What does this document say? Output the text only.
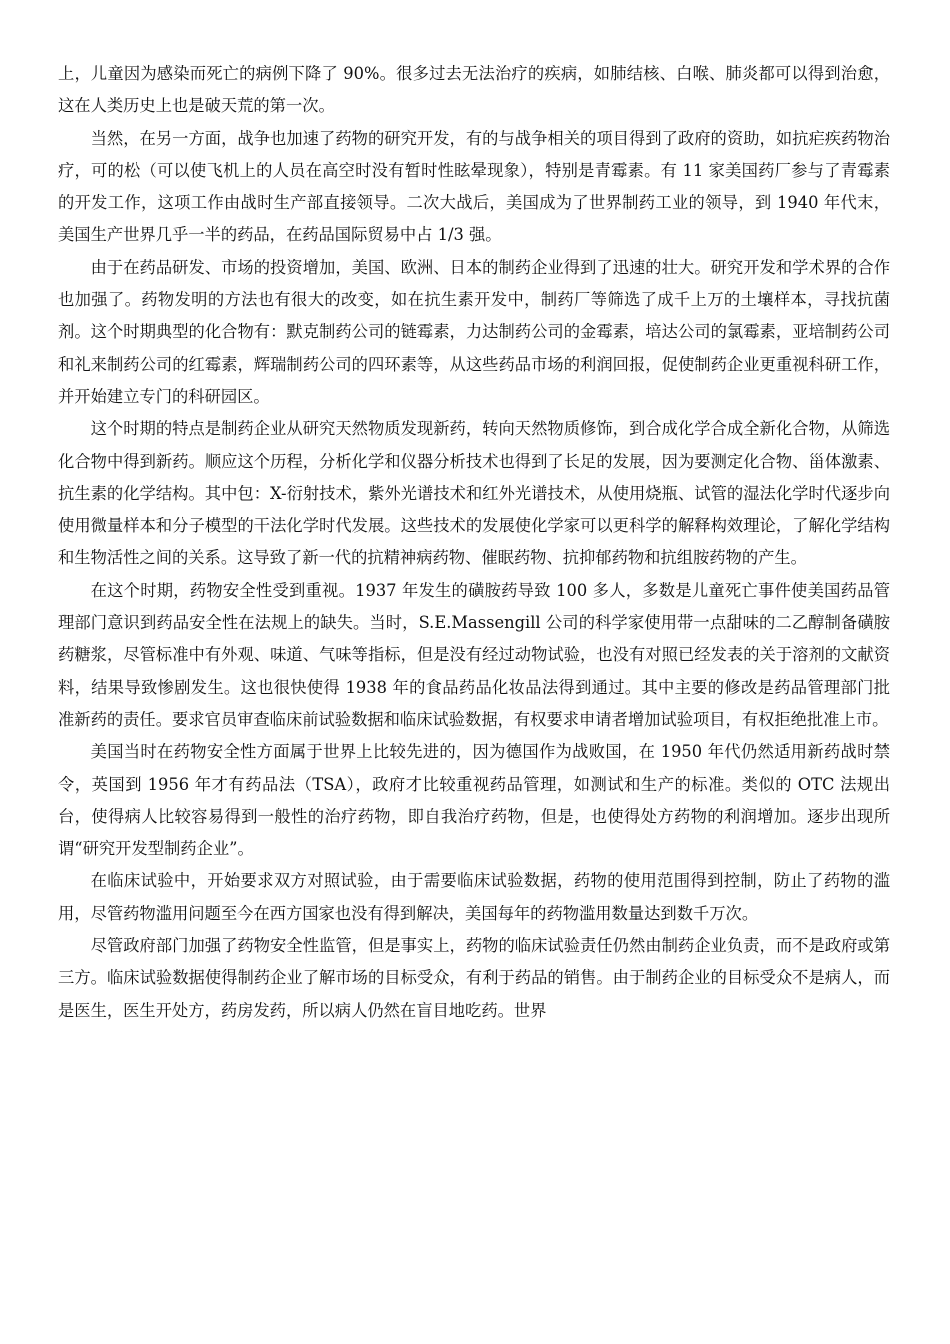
上，儿童因为感染而死亡的病例下降了 90%。很多过去无法治疗的疾病，如肺结核、白喉、肺炎都可以得到治愈，这在人类历史上也是破天荒的第一次。

当然，在另一方面，战争也加速了药物的研究开发，有的与战争相关的项目得到了政府的资助，如抗疟疾药物治疗，可的松（可以使飞机上的人员在高空时没有暂时性眩晕现象），特别是青霉素。有 11 家美国药厂参与了青霉素的开发工作，这项工作由战时生产部直接领导。二次大战后，美国成为了世界制药工业的领导，到 1940 年代末，美国生产世界几乎一半的药品，在药品国际贸易中占 1/3 强。

由于在药品研发、市场的投资增加，美国、欧洲、日本的制药企业得到了迅速的壮大。研究开发和学术界的合作也加强了。药物发明的方法也有很大的改变，如在抗生素开发中，制药厂等筛选了成千上万的土壤样本，寻找抗菌剂。这个时期典型的化合物有：默克制药公司的链霉素，力达制药公司的金霉素，培达公司的氯霉素，亚培制药公司和礼来制药公司的红霉素，辉瑞制药公司的四环素等，从这些药品市场的利润回报，促使制药企业更重视科研工作，并开始建立专门的科研园区。

这个时期的特点是制药企业从研究天然物质发现新药，转向天然物质修饰，到合成化学合成全新化合物，从筛选化合物中得到新药。顺应这个历程，分析化学和仪器分析技术也得到了长足的发展，因为要测定化合物、甾体激素、抗生素的化学结构。其中包：X-衍射技术，紫外光谱技术和红外光谱技术，从使用烧瓶、试管的湿法化学时代逐步向使用微量样本和分子模型的干法化学时代发展。这些技术的发展使化学家可以更科学的解释构效理论，了解化学结构和生物活性之间的关系。这导致了新一代的抗精神病药物、催眠药物、抗抑郁药物和抗组胺药物的产生。

在这个时期，药物安全性受到重视。1937 年发生的磺胺药导致 100 多人，多数是儿童死亡事件使美国药品管理部门意识到药品安全性在法规上的缺失。当时，S.E.Massengill 公司的科学家使用带一点甜味的二乙醇制备磺胺药糖浆，尽管标准中有外观、味道、气味等指标，但是没有经过动物试验，也没有对照已经发表的关于溶剂的文献资料，结果导致惨剧发生。这也很快使得 1938 年的食品药品化妆品法得到通过。其中主要的修改是药品管理部门批准新药的责任。要求官员审查临床前试验数据和临床试验数据，有权要求申请者增加试验项目，有权拒绝批准上市。

美国当时在药物安全性方面属于世界上比较先进的，因为德国作为战败国，在 1950 年代仍然适用新药战时禁令，英国到 1956 年才有药品法（TSA），政府才比较重视药品管理，如测试和生产的标准。类似的 OTC 法规出台，使得病人比较容易得到一般性的治疗药物，即自我治疗药物，但是，也使得处方药物的利润增加。逐步出现所谓“研究开发型制药企业”。

在临床试验中，开始要求双方对照试验，由于需要临床试验数据，药物的使用范围得到控制，防止了药物的滥用，尽管药物滥用问题至今在西方国家也没有得到解决，美国每年的药物滥用数量达到数千万次。

尽管政府部门加强了药物安全性监管，但是事实上，药物的临床试验责任仍然由制药企业负责，而不是政府或第三方。临床试验数据使得制药企业了解市场的目标受众，有利于药品的销售。由于制药企业的目标受众不是病人，而是医生，医生开处方，药房发药，所以病人仍然在盲目地吃药。世界
